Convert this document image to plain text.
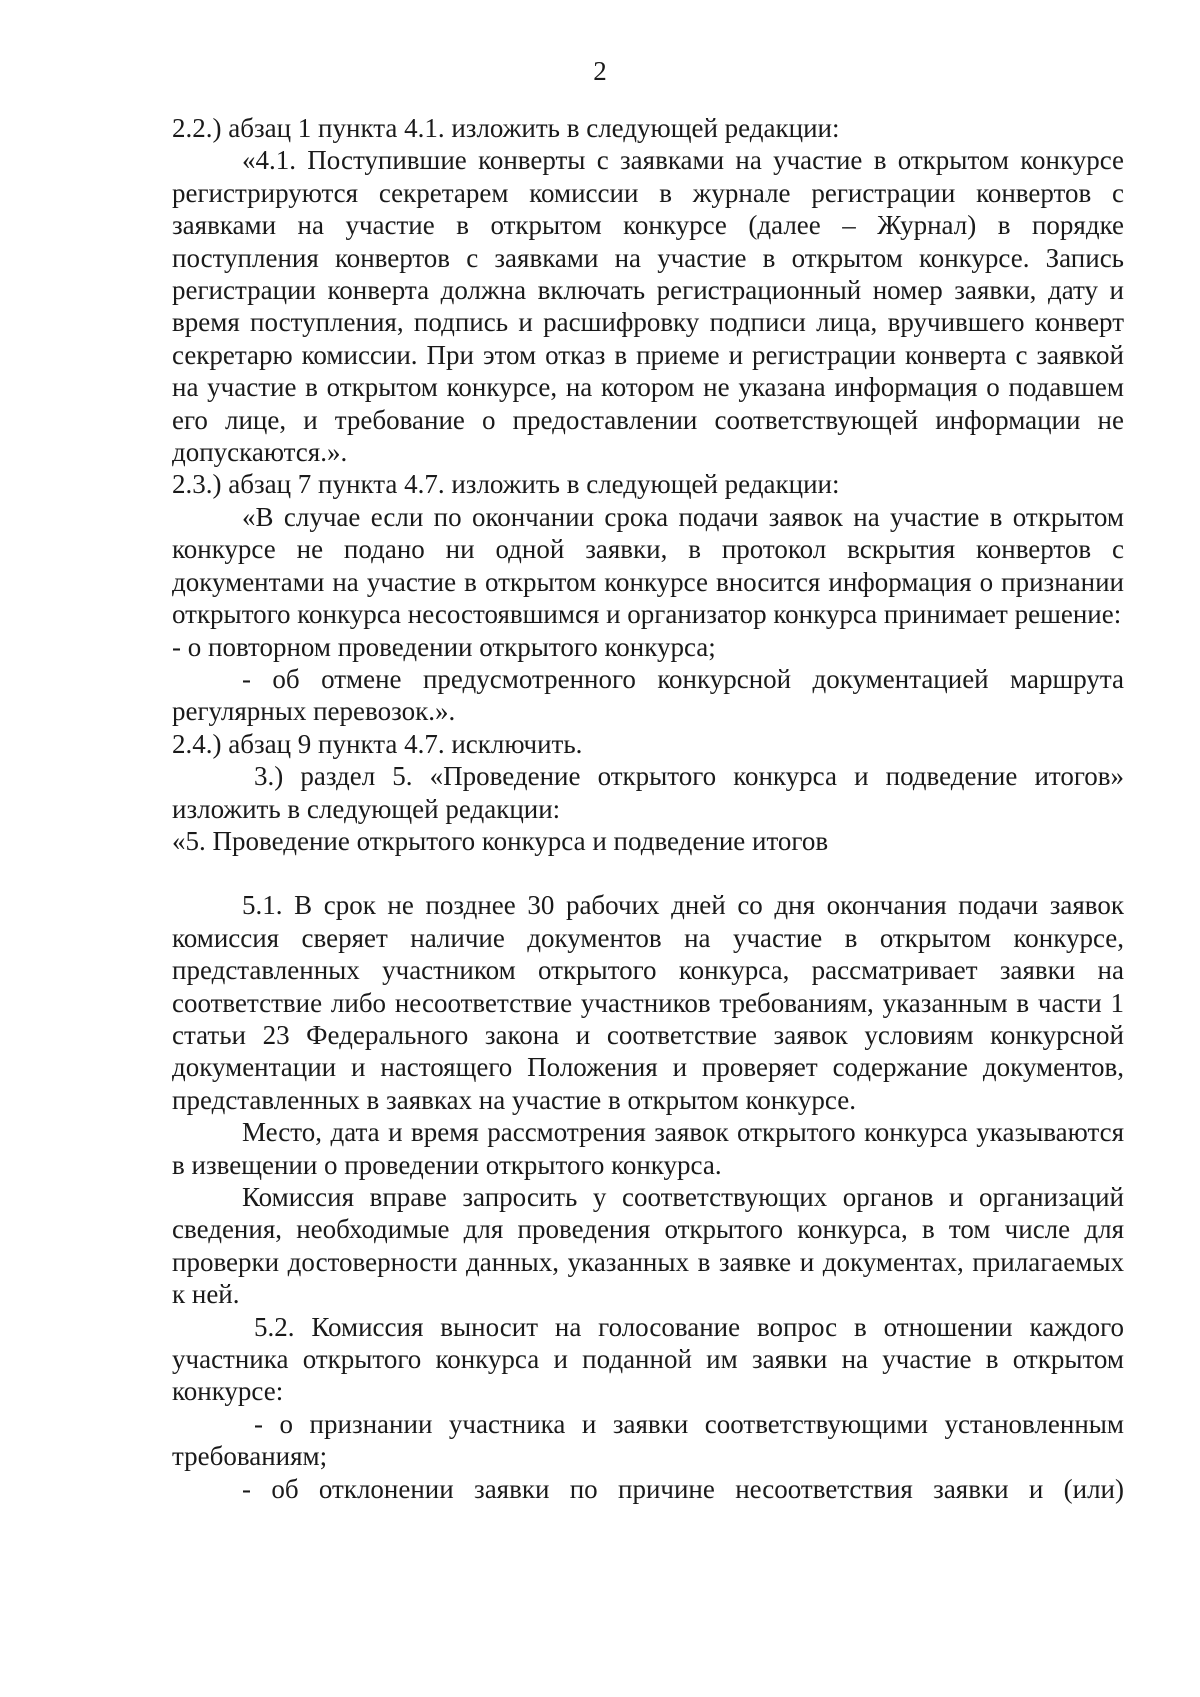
2

2.2.) абзац 1 пункта 4.1. изложить в следующей редакции:

«4.1. Поступившие конверты с заявками на участие в открытом конкурсе регистрируются секретарем комиссии в журнале регистрации конвертов с заявками на участие в открытом конкурсе (далее – Журнал) в порядке поступления конвертов с заявками на участие в открытом конкурсе. Запись регистрации конверта должна включать регистрационный номер заявки, дату и время поступления, подпись и расшифровку подписи лица, вручившего конверт секретарю комиссии. При этом отказ в приеме и регистрации конверта с заявкой на участие в открытом конкурсе, на котором не указана информация о подавшем его лице, и требование о предоставлении соответствующей информации не допускаются.».

2.3.) абзац 7 пункта 4.7. изложить в следующей редакции:

«В случае если по окончании срока подачи заявок на участие в открытом конкурсе не подано ни одной заявки, в протокол вскрытия конвертов с документами на участие в открытом конкурсе вносится информация о признании открытого конкурса несостоявшимся и организатор конкурса принимает решение:

- о повторном проведении открытого конкурса;

- об отмене предусмотренного конкурсной документацией маршрута регулярных перевозок.».

2.4.) абзац 9 пункта 4.7. исключить.

3.) раздел 5. «Проведение открытого конкурса и подведение итогов» изложить в следующей редакции:

«5. Проведение открытого конкурса и подведение итогов

5.1. В срок не позднее 30 рабочих дней со дня окончания подачи заявок комиссия сверяет наличие документов на участие в открытом конкурсе, представленных участником открытого конкурса, рассматривает заявки на соответствие либо несоответствие участников требованиям, указанным в части 1 статьи 23 Федерального закона и соответствие заявок условиям конкурсной документации и настоящего Положения и проверяет содержание документов, представленных в заявках на участие в открытом конкурсе.

Место, дата и время рассмотрения заявок открытого конкурса указываются в извещении о проведении открытого конкурса.

Комиссия вправе запросить у соответствующих органов и организаций сведения, необходимые для проведения открытого конкурса, в том числе для проверки достоверности данных, указанных в заявке и документах, прилагаемых к ней.

5.2. Комиссия выносит на голосование вопрос в отношении каждого участника открытого конкурса и поданной им заявки на участие в открытом конкурсе:

- о признании участника и заявки соответствующими установленным требованиям;

- об отклонении заявки по причине несоответствия заявки и (или)
